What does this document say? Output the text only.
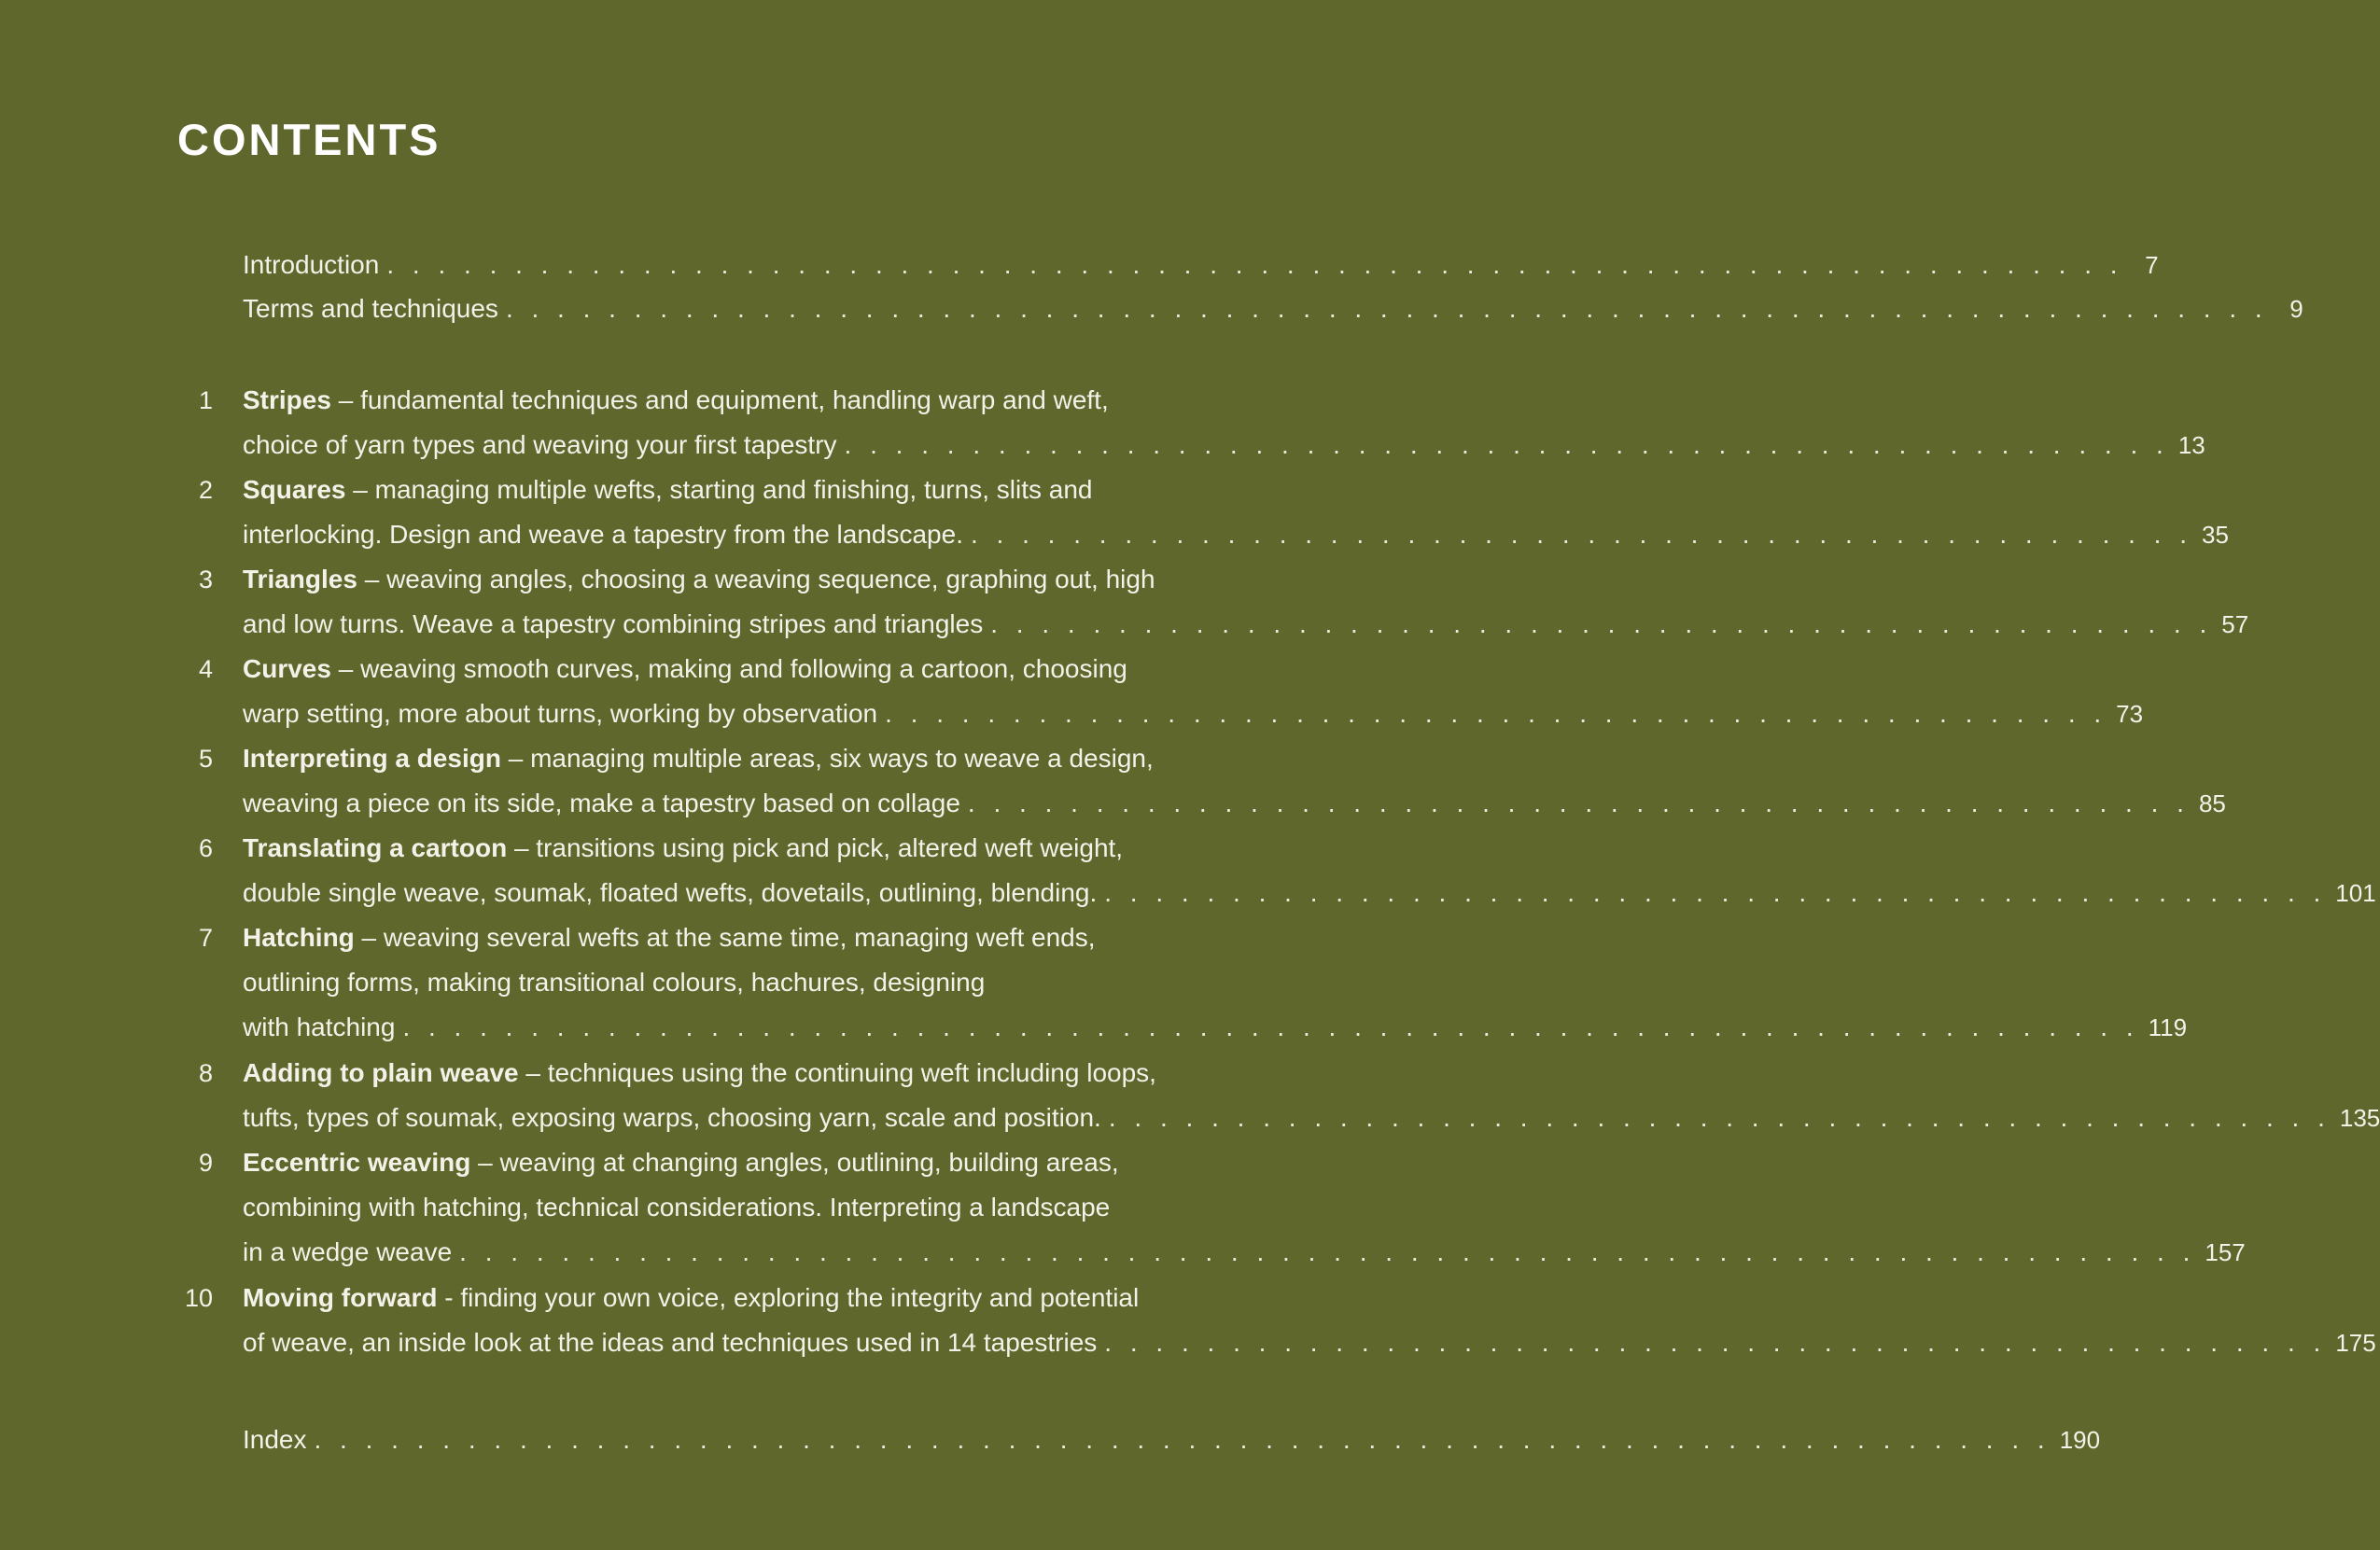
CONTENTS
Introduction . . . . . . . . . . . . . . . . . . . . . . . . . . . . . . . . . . . . . . . . . . . . . . . . . . . . . . . . . . . . . . . . . . . . 7
Terms and techniques . . . . . . . . . . . . . . . . . . . . . . . . . . . . . . . . . . . . . . . . . . . . . . . . . . . . . . . . . . . . . . . . . . . . . 9
1 Stripes – fundamental techniques and equipment, handling warp and weft,
choice of yarn types and weaving your first tapestry . . . . . . . . . . . . . . . . . . . . . . . . . . . . . . . . . . . . . . . . . . . . . . . . . . . . 13
2 Squares – managing multiple wefts, starting and finishing, turns, slits and
interlocking. Design and weave a tapestry from the landscape. . . . . . . . . . . . . . . . . . . . . . . . . . . . . . . . . . . . . . . . . . . . . . . . . 35
3 Triangles – weaving angles, choosing a weaving sequence, graphing out, high
and low turns. Weave a tapestry combining stripes and triangles . . . . . . . . . . . . . . . . . . . . . . . . . . . . . . . . . . . . . . . . . . . . . . . . 57
4 Curves – weaving smooth curves, making and following a cartoon, choosing
warp setting, more about turns, working by observation . . . . . . . . . . . . . . . . . . . . . . . . . . . . . . . . . . . . . . . . . . . . . . . . 73
5 Interpreting a design – managing multiple areas, six ways to weave a design,
weaving a piece on its side, make a tapestry based on collage . . . . . . . . . . . . . . . . . . . . . . . . . . . . . . . . . . . . . . . . . . . . . . . . 85
6 Translating a cartoon – transitions using pick and pick, altered weft weight,
double single weave, soumak, floated wefts, dovetails, outlining, blending. . . . . . . . . . . . . . . . . . . . . . . . . . . . . . . . . . . . . . . . . . . . . . . . . 101
7 Hatching – weaving several wefts at the same time, managing weft ends,
outlining forms, making transitional colours, hachures, designing
with hatching . . . . . . . . . . . . . . . . . . . . . . . . . . . . . . . . . . . . . . . . . . . . . . . . . . . . . . . . . . . . . . . . . . . . 119
8 Adding to plain weave – techniques using the continuing weft including loops,
tufts, types of soumak, exposing warps, choosing yarn, scale and position. . . . . . . . . . . . . . . . . . . . . . . . . . . . . . . . . . . . . . . . . . . . . . . . . 135
9 Eccentric weaving – weaving at changing angles, outlining, building areas,
combining with hatching, technical considerations. Interpreting a landscape
in a wedge weave . . . . . . . . . . . . . . . . . . . . . . . . . . . . . . . . . . . . . . . . . . . . . . . . . . . . . . . . . . . . . . . . . . . . 157
10 Moving forward - finding your own voice, exploring the integrity and potential
of weave, an inside look at the ideas and techniques used in 14 tapestries . . . . . . . . . . . . . . . . . . . . . . . . . . . . . . . . . . . . . . . . . . . . . . . . 175
Index . . . . . . . . . . . . . . . . . . . . . . . . . . . . . . . . . . . . . . . . . . . . . . . . . . . . . . . . . . . . . . . . . . . . 190
